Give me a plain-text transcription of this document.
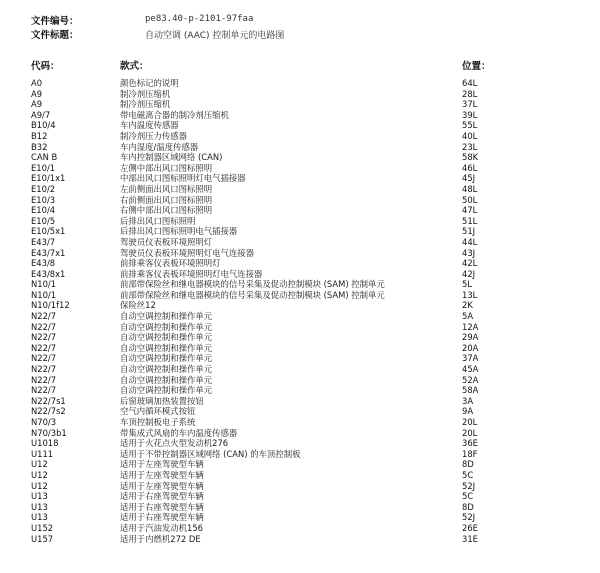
文件编号：	pe83.40-p-2101-97faa
文件标题：	自动空调 (AAC) 控制单元的电路图
代码：	款式：	位置：
A0	颜色标记的说明	64L
A9	制冷剂压缩机	28L
A9	制冷剂压缩机	37L
A9/7	带电磁离合器的制冷剂压缩机	39L
B10/4	车内温度传感器	55L
B12	制冷剂压力传感器	40L
B32	车内湿度/温度传感器	23L
CAN B	车内控制器区域网络 (CAN)	58K
E10/1	左侧中部出风口图标照明	46L
E10/1x1	中部出风口图标照明灯电气插接器	45J
E10/2	左前侧面出风口图标照明	48L
E10/3	右前侧面出风口图标照明	50L
E10/4	右侧中部出风口图标照明	47L
E10/5	后排出风口图标照明	51L
E10/5x1	后排出风口图标照明电气插接器	51J
E43/7	驾驶员仪表板环境照明灯	44L
E43/7x1	驾驶员仪表板环境照明灯电气连接器	43J
E43/8	前排乘客仪表板环境照明灯	42L
E43/8x1	前排乘客仪表板环境照明灯电气连接器	42J
N10/1	前部带保险丝和继电器模块的信号采集及促动控制模块 (SAM) 控制单元	5L
N10/1	前部带保险丝和继电器模块的信号采集及促动控制模块 (SAM) 控制单元	13L
N10/1f12	保险丝12	2K
N22/7	自动空调控制和操作单元	5A
N22/7	自动空调控制和操作单元	12A
N22/7	自动空调控制和操作单元	29A
N22/7	自动空调控制和操作单元	20A
N22/7	自动空调控制和操作单元	37A
N22/7	自动空调控制和操作单元	45A
N22/7	自动空调控制和操作单元	52A
N22/7	自动空调控制和操作单元	58A
N22/7s1	后窗玻璃加热装置按钮	3A
N22/7s2	空气内循环模式按钮	9A
N70/3	车顶控制板电子系统	20L
N70/3b1	带集成式风扇的车内温度传感器	20L
U1018	适用于火花点火型发动机276	36E
U111	适用于不带控制器区域网络 (CAN) 的车顶控制板	18F
U12	适用于左座驾驶型车辆	8D
U12	适用于左座驾驶型车辆	5C
U12	适用于左座驾驶型车辆	52J
U13	适用于右座驾驶型车辆	5C
U13	适用于右座驾驶型车辆	8D
U13	适用于右座驾驶型车辆	52J
U152	适用于汽油发动机156	26E
U157	适用于内燃机272 DE	31E
